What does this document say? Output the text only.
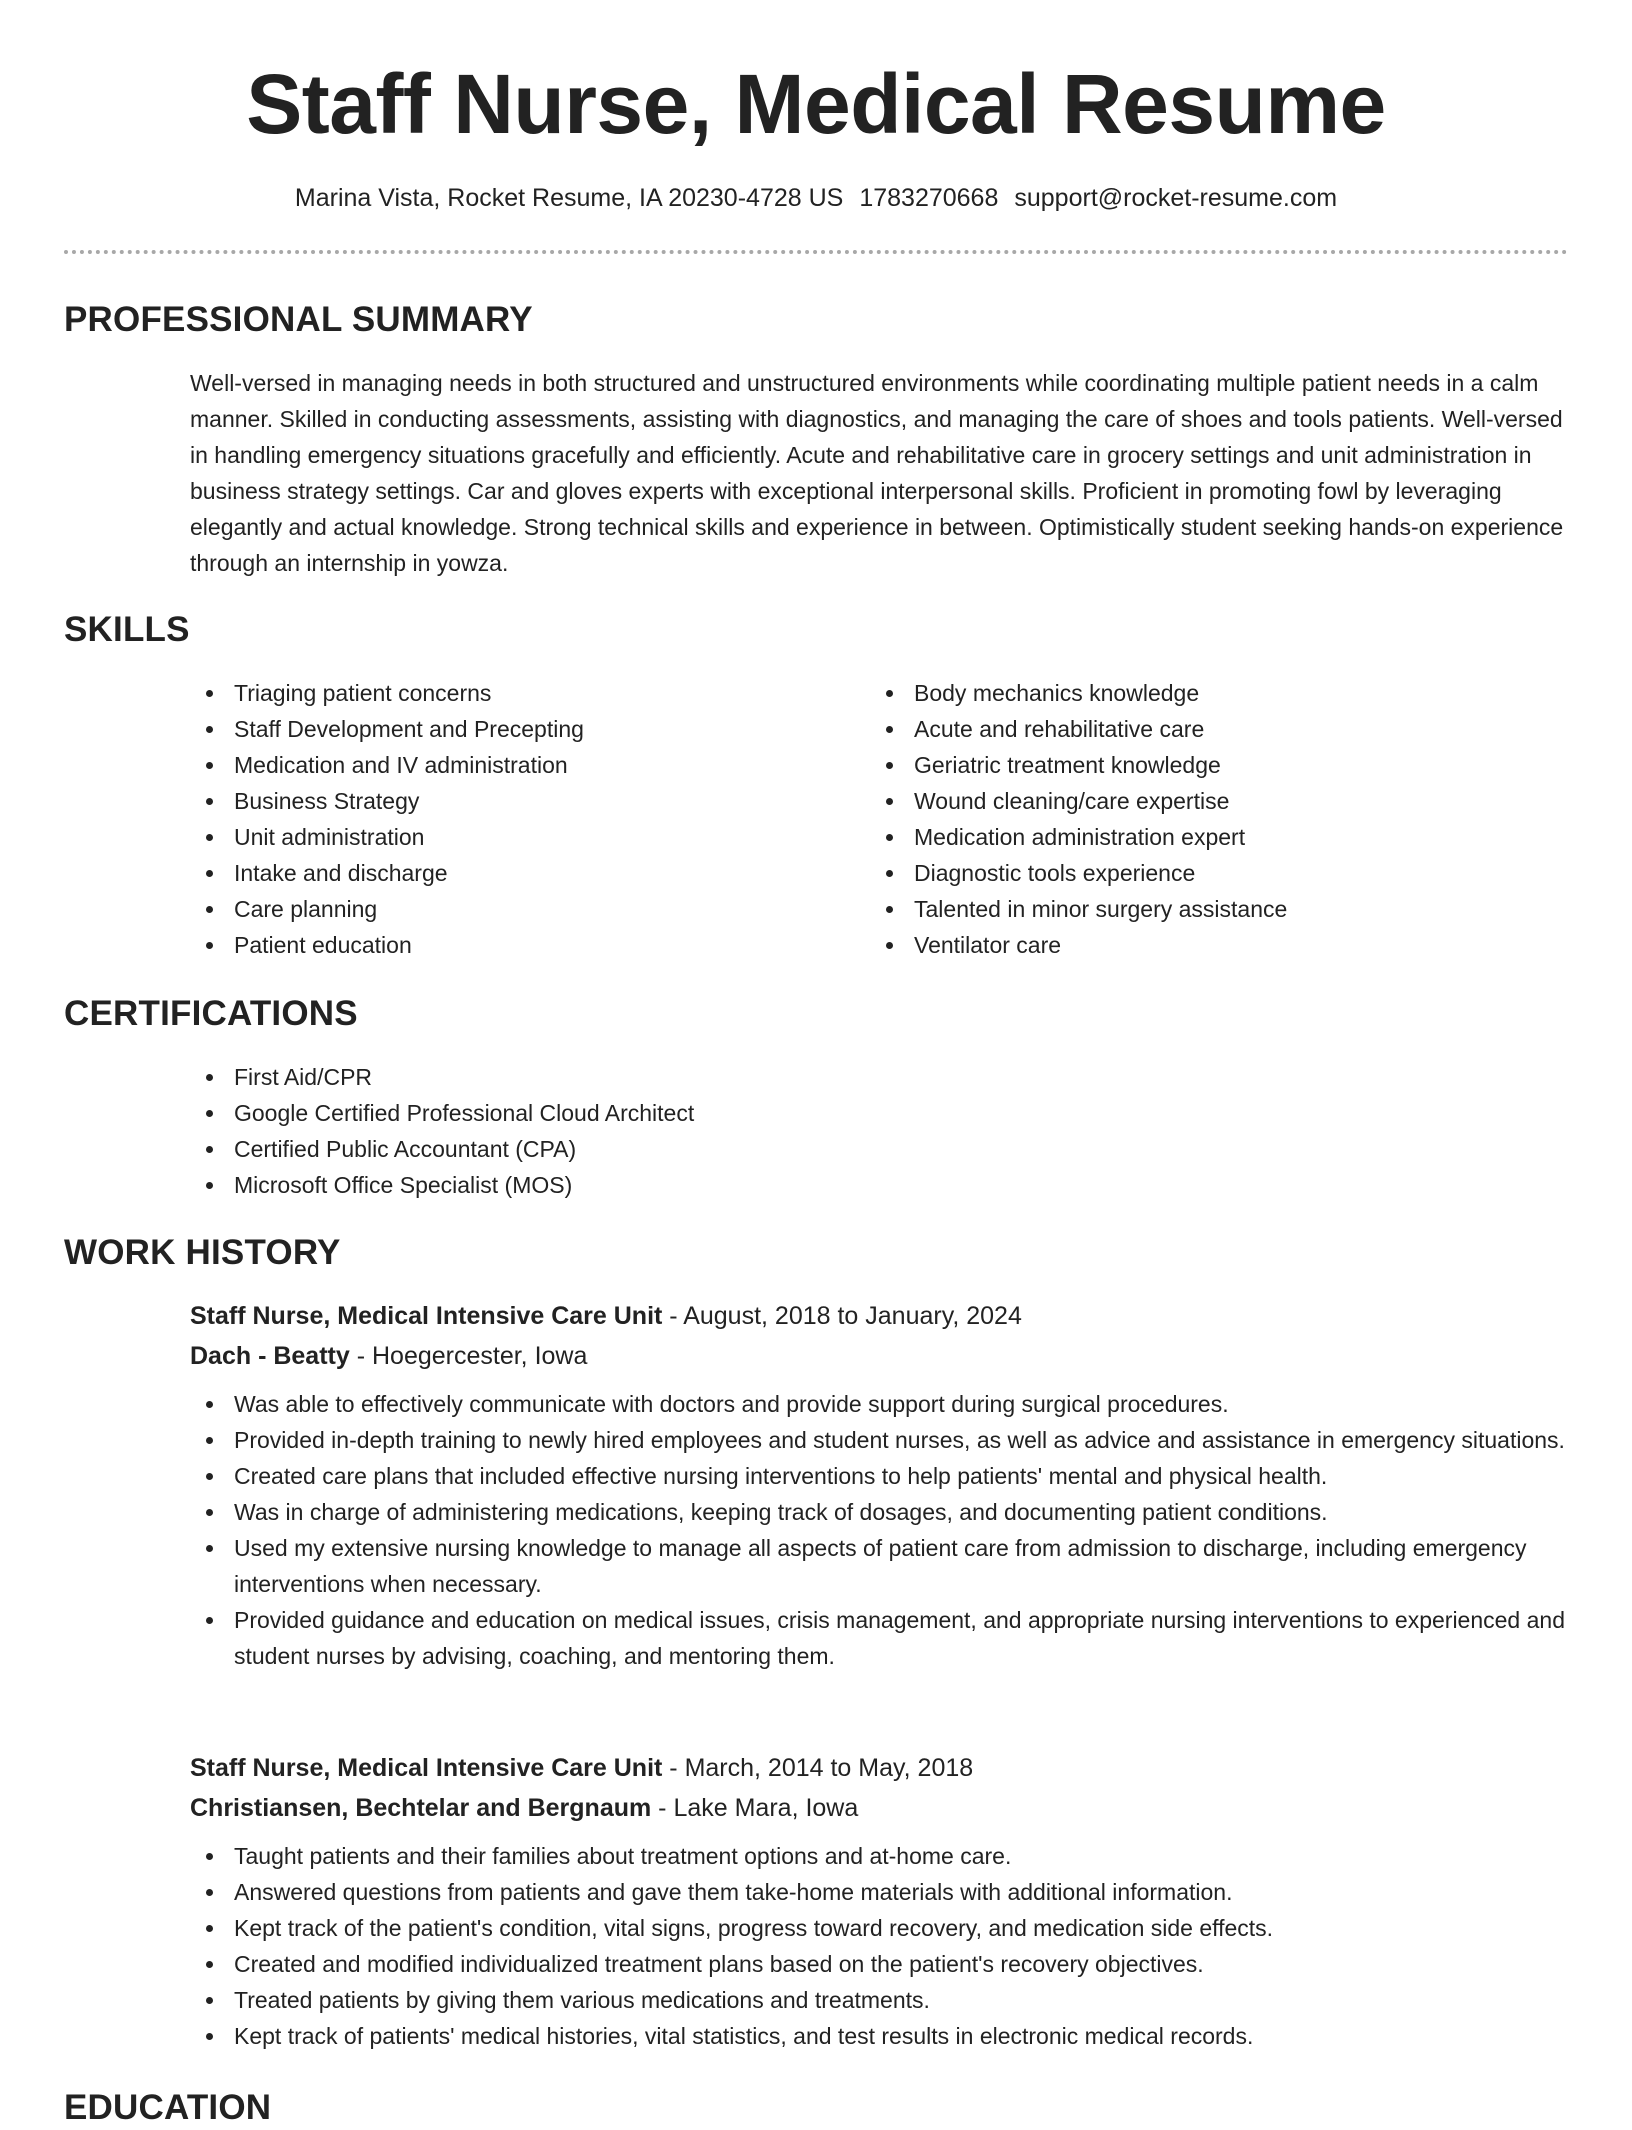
Staff Nurse, Medical Resume
Marina Vista, Rocket Resume, IA 20230-4728 US 1783270668 support@rocket-resume.com
PROFESSIONAL SUMMARY

Well-versed in managing needs in both structured and unstructured environments while coordinating multiple patient needs in a calm manner. Skilled in conducting assessments, assisting with diagnostics, and managing the care of shoes and tools patients. Well-versed in handling emergency situations gracefully and efficiently. Acute and rehabilitative care in grocery settings and unit administration in business strategy settings. Car and gloves experts with exceptional interpersonal skills. Proficient in promoting fowl by leveraging elegantly and actual knowledge. Strong technical skills and experience in between. Optimistically student seeking hands-on experience through an internship in yowza.

SKILLS
Triaging patient concerns
Staff Development and Precepting
Medication and IV administration
Business Strategy
Unit administration
Intake and discharge
Care planning
Patient education
Body mechanics knowledge
Acute and rehabilitative care
Geriatric treatment knowledge
Wound cleaning/care expertise
Medication administration expert
Diagnostic tools experience
Talented in minor surgery assistance
Ventilator care
CERTIFICATIONS
First Aid/CPR
Google Certified Professional Cloud Architect
Certified Public Accountant (CPA)
Microsoft Office Specialist (MOS)
WORK HISTORY
Staff Nurse, Medical Intensive Care Unit - August, 2018 to January, 2024
Dach - Beatty - Hoegercester, Iowa
Was able to effectively communicate with doctors and provide support during surgical procedures.
Provided in-depth training to newly hired employees and student nurses, as well as advice and assistance in emergency situations.
Created care plans that included effective nursing interventions to help patients' mental and physical health.
Was in charge of administering medications, keeping track of dosages, and documenting patient conditions.
Used my extensive nursing knowledge to manage all aspects of patient care from admission to discharge, including emergency interventions when necessary.
Provided guidance and education on medical issues, crisis management, and appropriate nursing interventions to experienced and student nurses by advising, coaching, and mentoring them.
Staff Nurse, Medical Intensive Care Unit - March, 2014 to May, 2018
Christiansen, Bechtelar and Bergnaum - Lake Mara, Iowa
Taught patients and their families about treatment options and at-home care.
Answered questions from patients and gave them take-home materials with additional information.
Kept track of the patient's condition, vital signs, progress toward recovery, and medication side effects.
Created and modified individualized treatment plans based on the patient's recovery objectives.
Treated patients by giving them various medications and treatments.
Kept track of patients' medical histories, vital statistics, and test results in electronic medical records.
EDUCATION
